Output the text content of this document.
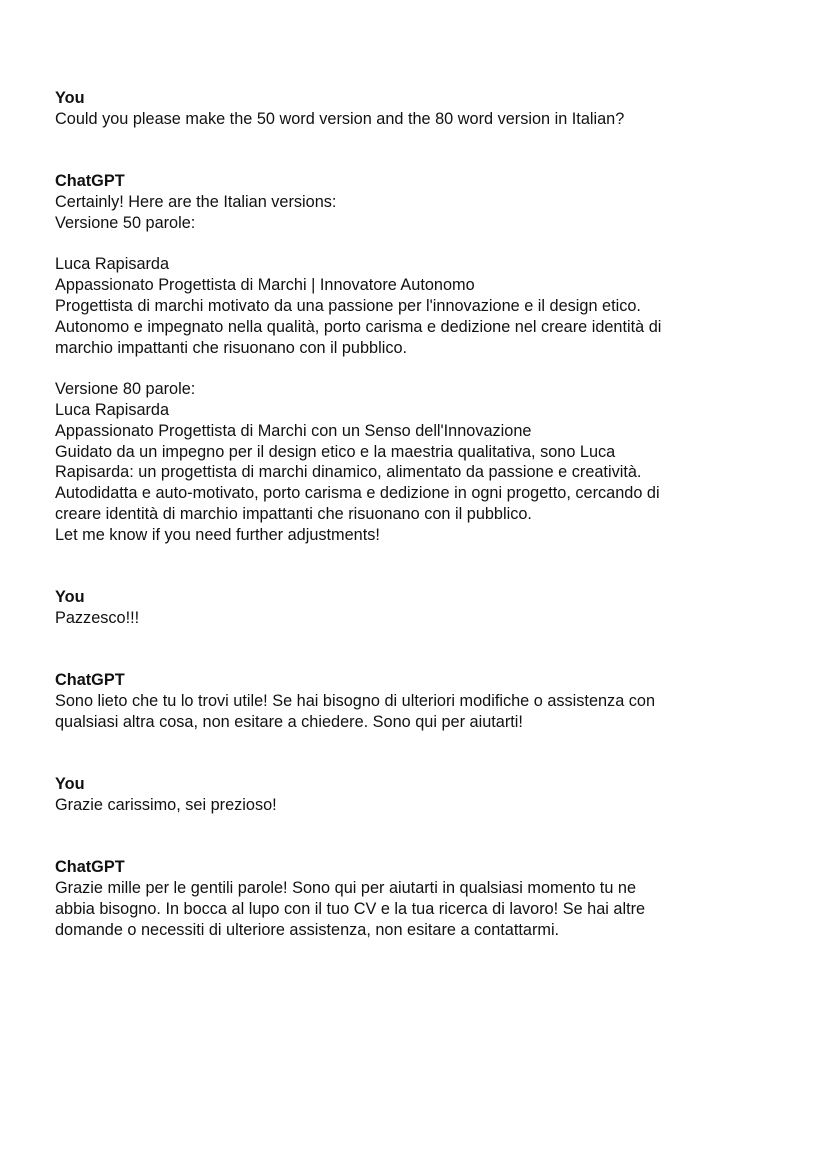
You
Could you please make the 50 word version and the 80 word version in Italian?
ChatGPT
Certainly! Here are the Italian versions:
Versione 50 parole:
Luca Rapisarda
Appassionato Progettista di Marchi | Innovatore Autonomo
Progettista di marchi motivato da una passione per l'innovazione e il design etico.
Autonomo e impegnato nella qualità, porto carisma e dedizione nel creare identità di
marchio impattanti che risuonano con il pubblico.
Versione 80 parole:
Luca Rapisarda
Appassionato Progettista di Marchi con un Senso dell'Innovazione
Guidato da un impegno per il design etico e la maestria qualitativa, sono Luca
Rapisarda: un progettista di marchi dinamico, alimentato da passione e creatività.
Autodidatta e auto-motivato, porto carisma e dedizione in ogni progetto, cercando di
creare identità di marchio impattanti che risuonano con il pubblico.
Let me know if you need further adjustments!
You
Pazzesco!!!
ChatGPT
Sono lieto che tu lo trovi utile! Se hai bisogno di ulteriori modifiche o assistenza con
qualsiasi altra cosa, non esitare a chiedere. Sono qui per aiutarti!
You
Grazie carissimo, sei prezioso!
ChatGPT
Grazie mille per le gentili parole! Sono qui per aiutarti in qualsiasi momento tu ne
abbia bisogno. In bocca al lupo con il tuo CV e la tua ricerca di lavoro! Se hai altre
domande o necessiti di ulteriore assistenza, non esitare a contattarmi.
